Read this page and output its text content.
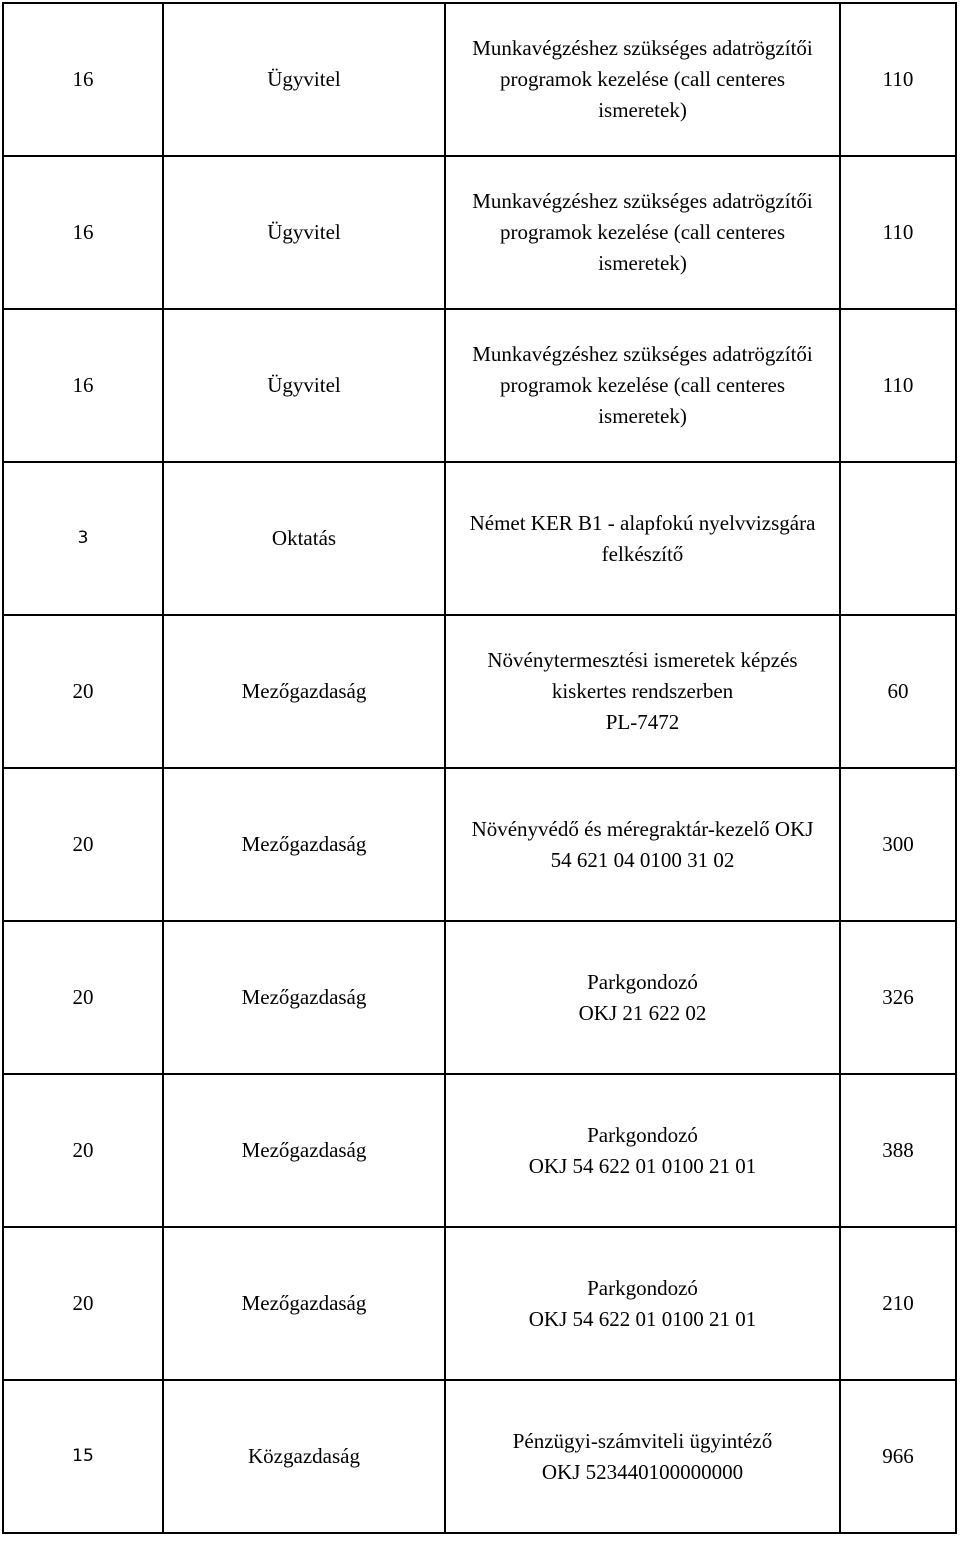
16	Ügyvitel	Munkavégzéshez szükséges adatrögzítői
programok kezelése (call centeres
ismeretek)	110
16	Ügyvitel	Munkavégzéshez szükséges adatrögzítői
programok kezelése (call centeres
ismeretek)	110
16	Ügyvitel	Munkavégzéshez szükséges adatrögzítői
programok kezelése (call centeres
ismeretek)	110
3	Oktatás	Német KER B1 - alapfokú nyelvvizsgára
felkészítő	

20	Mezőgazdaság	Növénytermesztési ismeretek képzés
kiskertes rendszerben
PL-7472	60
20	Mezőgazdaság	Növényvédő és méregraktár-kezelő OKJ
54 621 04 0100 31 02	300
20	Mezőgazdaság	Parkgondozó
OKJ 21 622 02	326
20	Mezőgazdaság	Parkgondozó
OKJ 54 622 01 0100 21 01	388
20	Mezőgazdaság	Parkgondozó
OKJ 54 622 01 0100 21 01	210
15	Közgazdaság	Pénzügyi-számviteli ügyintéző
OKJ 523440100000000	966
